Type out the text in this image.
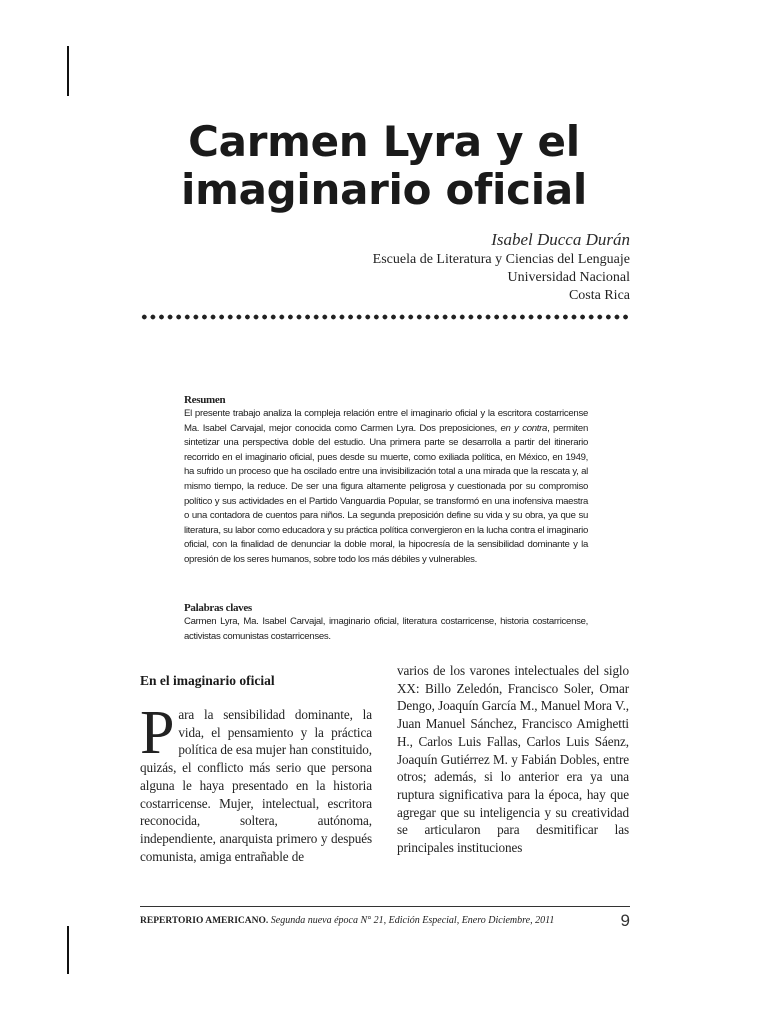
Carmen Lyra y el
imaginario oficial
Isabel Ducca Durán
Escuela de Literatura y Ciencias del Lenguaje
Universidad Nacional
Costa Rica
Resumen

El presente trabajo analiza la compleja relación entre el imaginario oficial y la escritora costarricense Ma. Isabel Carvajal, mejor conocida como Carmen Lyra. Dos preposiciones, en y contra, permiten sintetizar una perspectiva doble del estudio. Una primera parte se desarrolla a partir del itinerario recorrido en el imaginario oficial, pues desde su muerte, como exiliada política, en México, en 1949, ha sufrido un proceso que ha oscilado entre una invisibilización total a una mirada que la rescata y, al mismo tiempo, la reduce. De ser una figura altamente peligrosa y cuestionada por su compromiso político y sus actividades en el Partido Vanguardia Popular, se transformó en una inofensiva maestra o una contadora de cuentos para niños. La segunda preposición define su vida y su obra, ya que su literatura, su labor como educadora y su práctica política convergieron en la lucha contra el imaginario oficial, con la finalidad de denunciar la doble moral, la hipocresía de la sensibilidad dominante y la opresión de los seres humanos, sobre todo los más débiles y vulnerables.

Palabras claves
Carmen Lyra, Ma. Isabel Carvajal, imaginario oficial, literatura costarricense, historia costarricense, activistas comunistas costarricenses.
En el imaginario oficial
Para la sensibilidad dominante, la vida, el pensamiento y la práctica política de esa mujer han constituido, quizás, el conflicto más serio que persona alguna le haya presentado en la historia costarricense. Mujer, intelectual, escritora reconocida, soltera, autónoma, independiente, anarquista primero y después comunista, amiga entrañable de
varios de los varones intelectuales del siglo XX: Billo Zeledón, Francisco Soler, Omar Dengo, Joaquín García M., Manuel Mora V., Juan Manuel Sánchez, Francisco Amighetti H., Carlos Luis Fallas, Carlos Luis Sáenz, Joaquín Gutiérrez M. y Fabián Dobles, entre otros; además, si lo anterior era ya una ruptura significativa para la época, hay que agregar que su inteligencia y su creatividad se articularon para desmitificar las principales instituciones
REPERTORIO AMERICANO. Segunda nueva época N° 21, Edición Especial, Enero Diciembre, 2011	9
